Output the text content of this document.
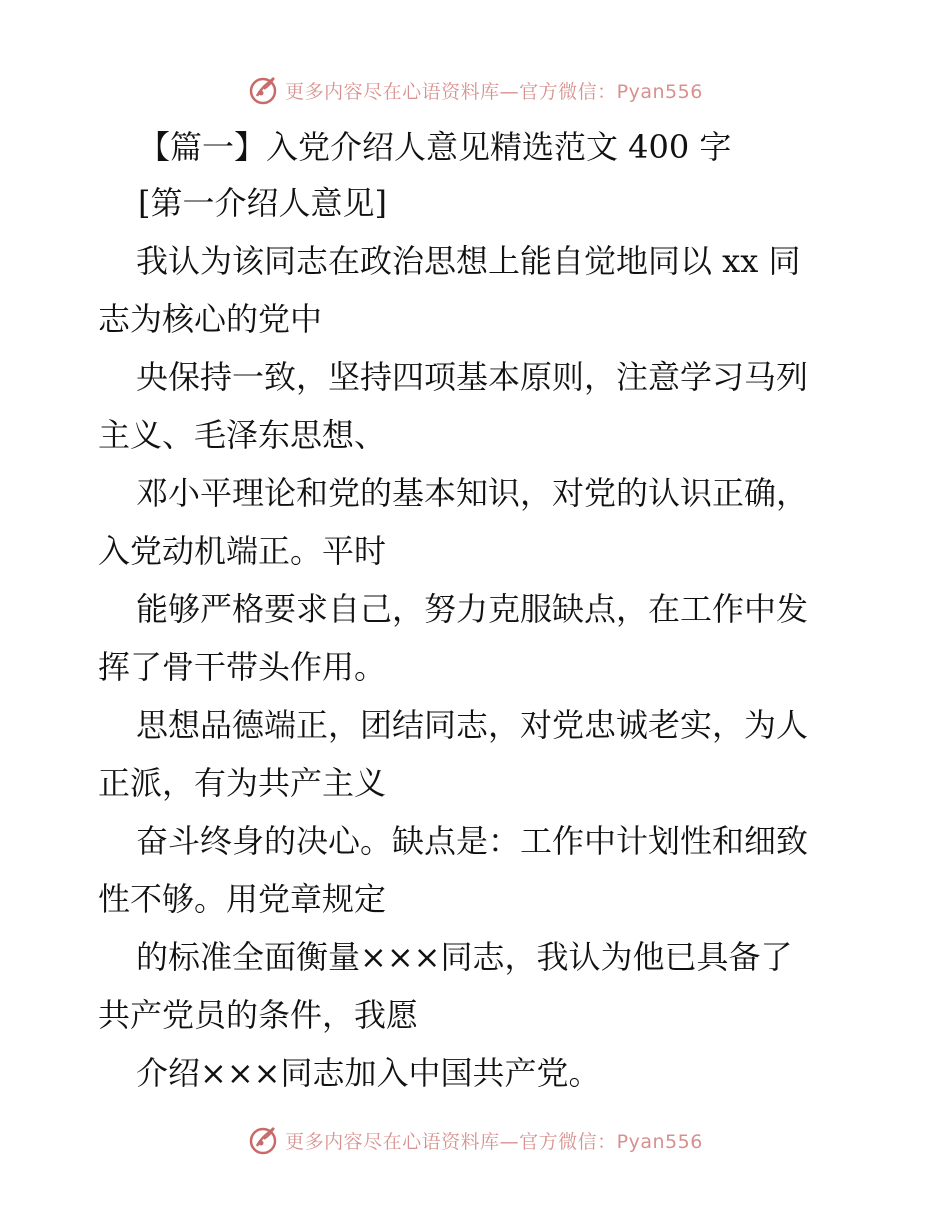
更多内容尽在心语资料库—官方微信：Pyan556
【篇一】入党介绍人意见精选范文 400 字
[第一介绍人意见]
我认为该同志在政治思想上能自觉地同以 xx 同
志为核心的党中
央保持一致，坚持四项基本原则，注意学习马列
主义、毛泽东思想、
邓小平理论和党的基本知识，对党的认识正确，
入党动机端正。平时
能够严格要求自己，努力克服缺点，在工作中发
挥了骨干带头作用。
思想品德端正，团结同志，对党忠诚老实，为人
正派，有为共产主义
奋斗终身的决心。缺点是：工作中计划性和细致
性不够。用党章规定
的标准全面衡量×××同志，我认为他已具备了
共产党员的条件，我愿
介绍×××同志加入中国共产党。
更多内容尽在心语资料库—官方微信：Pyan556
